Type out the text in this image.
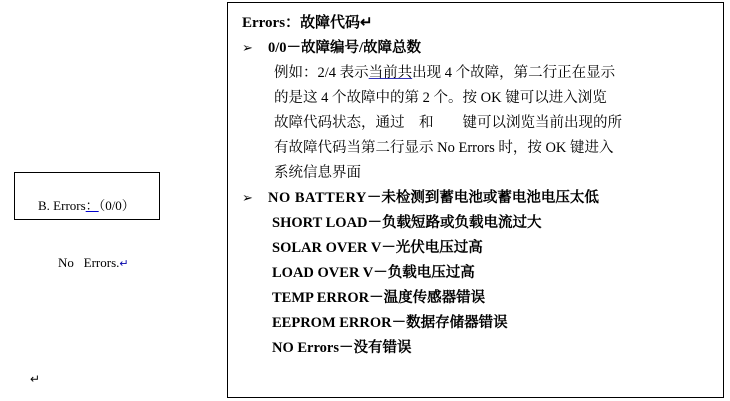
B. Errors：（0/0）

No   Errors.↵

↵
Errors：故障代码↵
➢	0/0－故障编号/故障总数
例如：2/4 表示当前共出现 4 个故障，第二行正在显示
的是这 4 个故障中的第 2 个。按 OK 键可以进入浏览
故障代码状态，通过　和　　键可以浏览当前出现的所
有故障代码当第二行显示 No Errors 时，按 OK 键进入
系统信息界面
➢	NO BATTERY－未检测到蓄电池或蓄电池电压太低
SHORT LOAD－负载短路或负载电流过大
SOLAR OVER V－光伏电压过高
LOAD OVER V－负载电压过高
TEMP ERROR－温度传感器错误
EEPROM ERROR－数据存储器错误
NO Errors－没有错误
